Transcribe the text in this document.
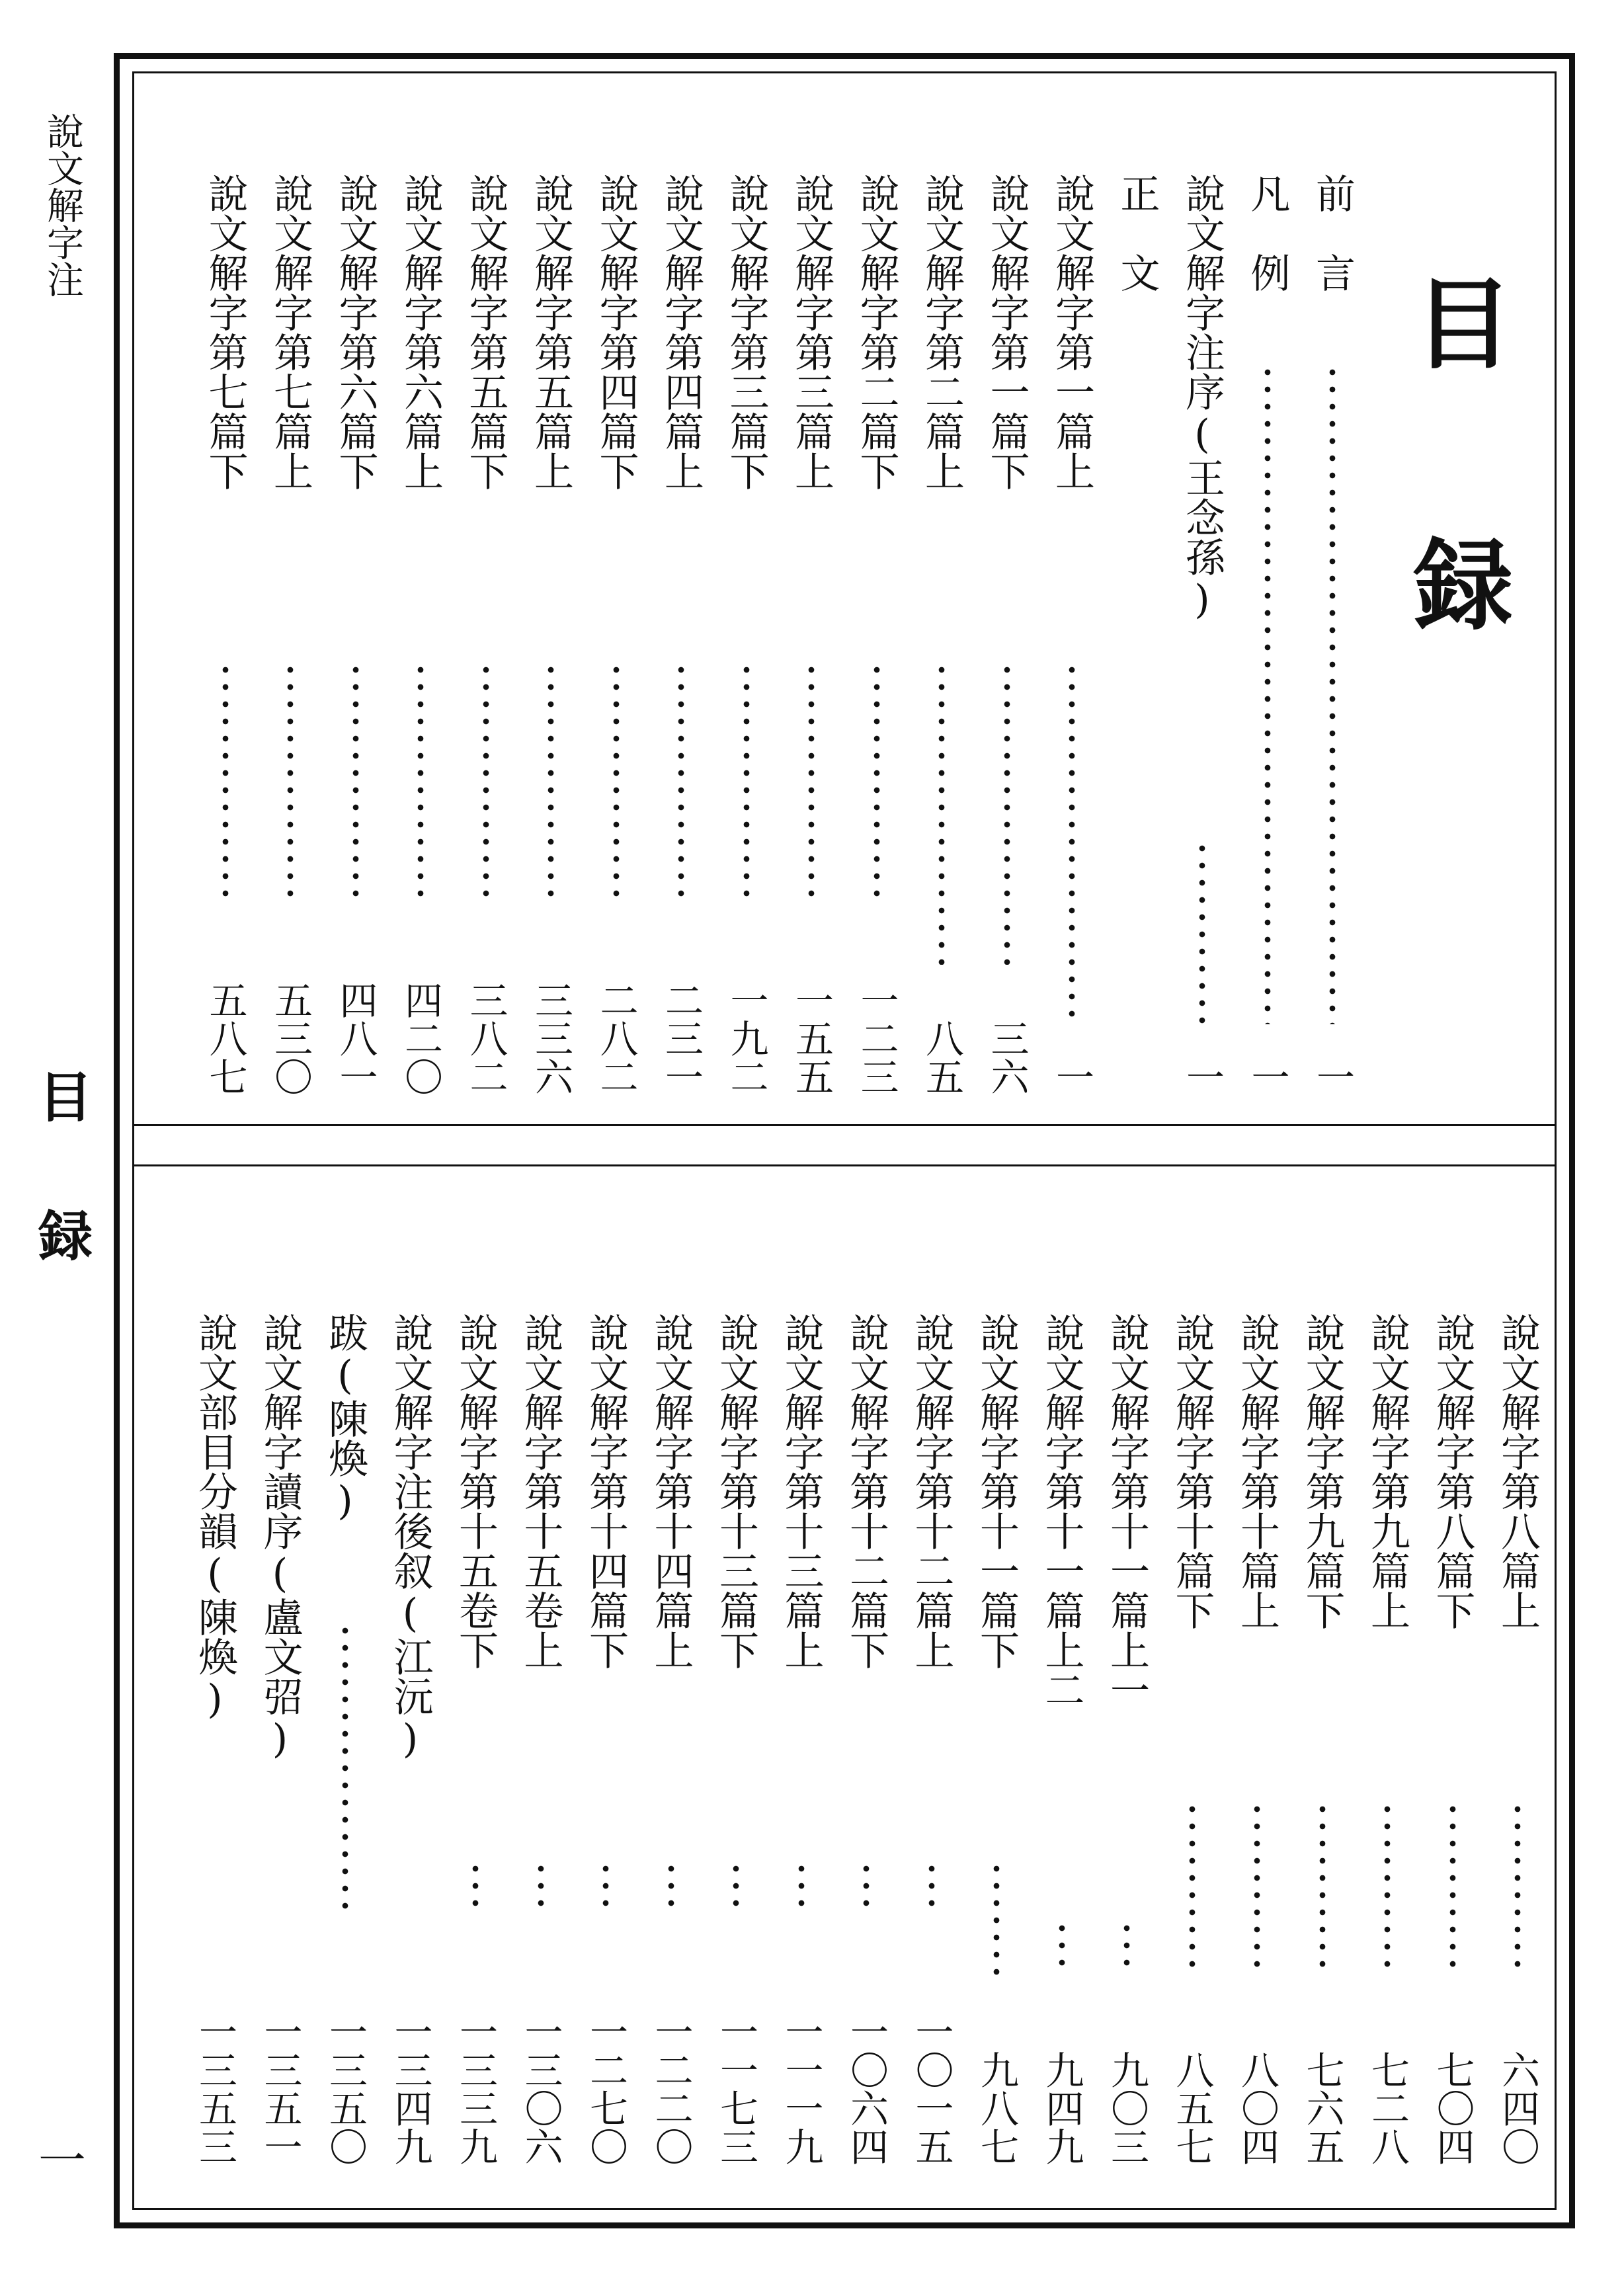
說文解字注
目
録
一
目
録
前　言
一
凡　例
一
說文解字注序(王念孫)
一
正　文
說文解字第一篇上
一
說文解字第一篇下
三六
說文解字第二篇上
八五
說文解字第二篇下
一二三
說文解字第三篇上
一五五
說文解字第三篇下
一九二
說文解字第四篇上
二三一
說文解字第四篇下
二八二
說文解字第五篇上
三三六
說文解字第五篇下
三八二
說文解字第六篇上
四二〇
說文解字第六篇下
四八一
說文解字第七篇上
五三〇
說文解字第七篇下
五八七
說文解字第八篇上
六四〇
說文解字第八篇下
七〇四
說文解字第九篇上
七二八
說文解字第九篇下
七六五
說文解字第十篇上
八〇四
說文解字第十篇下
八五七
說文解字第十一篇上一
九〇三
說文解字第十一篇上二
九四九
說文解字第十一篇下
九八七
說文解字第十二篇上
一〇一五
說文解字第十二篇下
一〇六四
說文解字第十三篇上
一一一九
說文解字第十三篇下
一一七三
說文解字第十四篇上
一二二〇
說文解字第十四篇下
一二七〇
說文解字第十五卷上
一三〇六
說文解字第十五卷下
一三三九
說文解字注後叙(江沅)
一三四九
跋(陳煥)
一三五〇
說文解字讀序(盧文弨)
一三五一
說文部目分韻(陳煥)
一三五三
